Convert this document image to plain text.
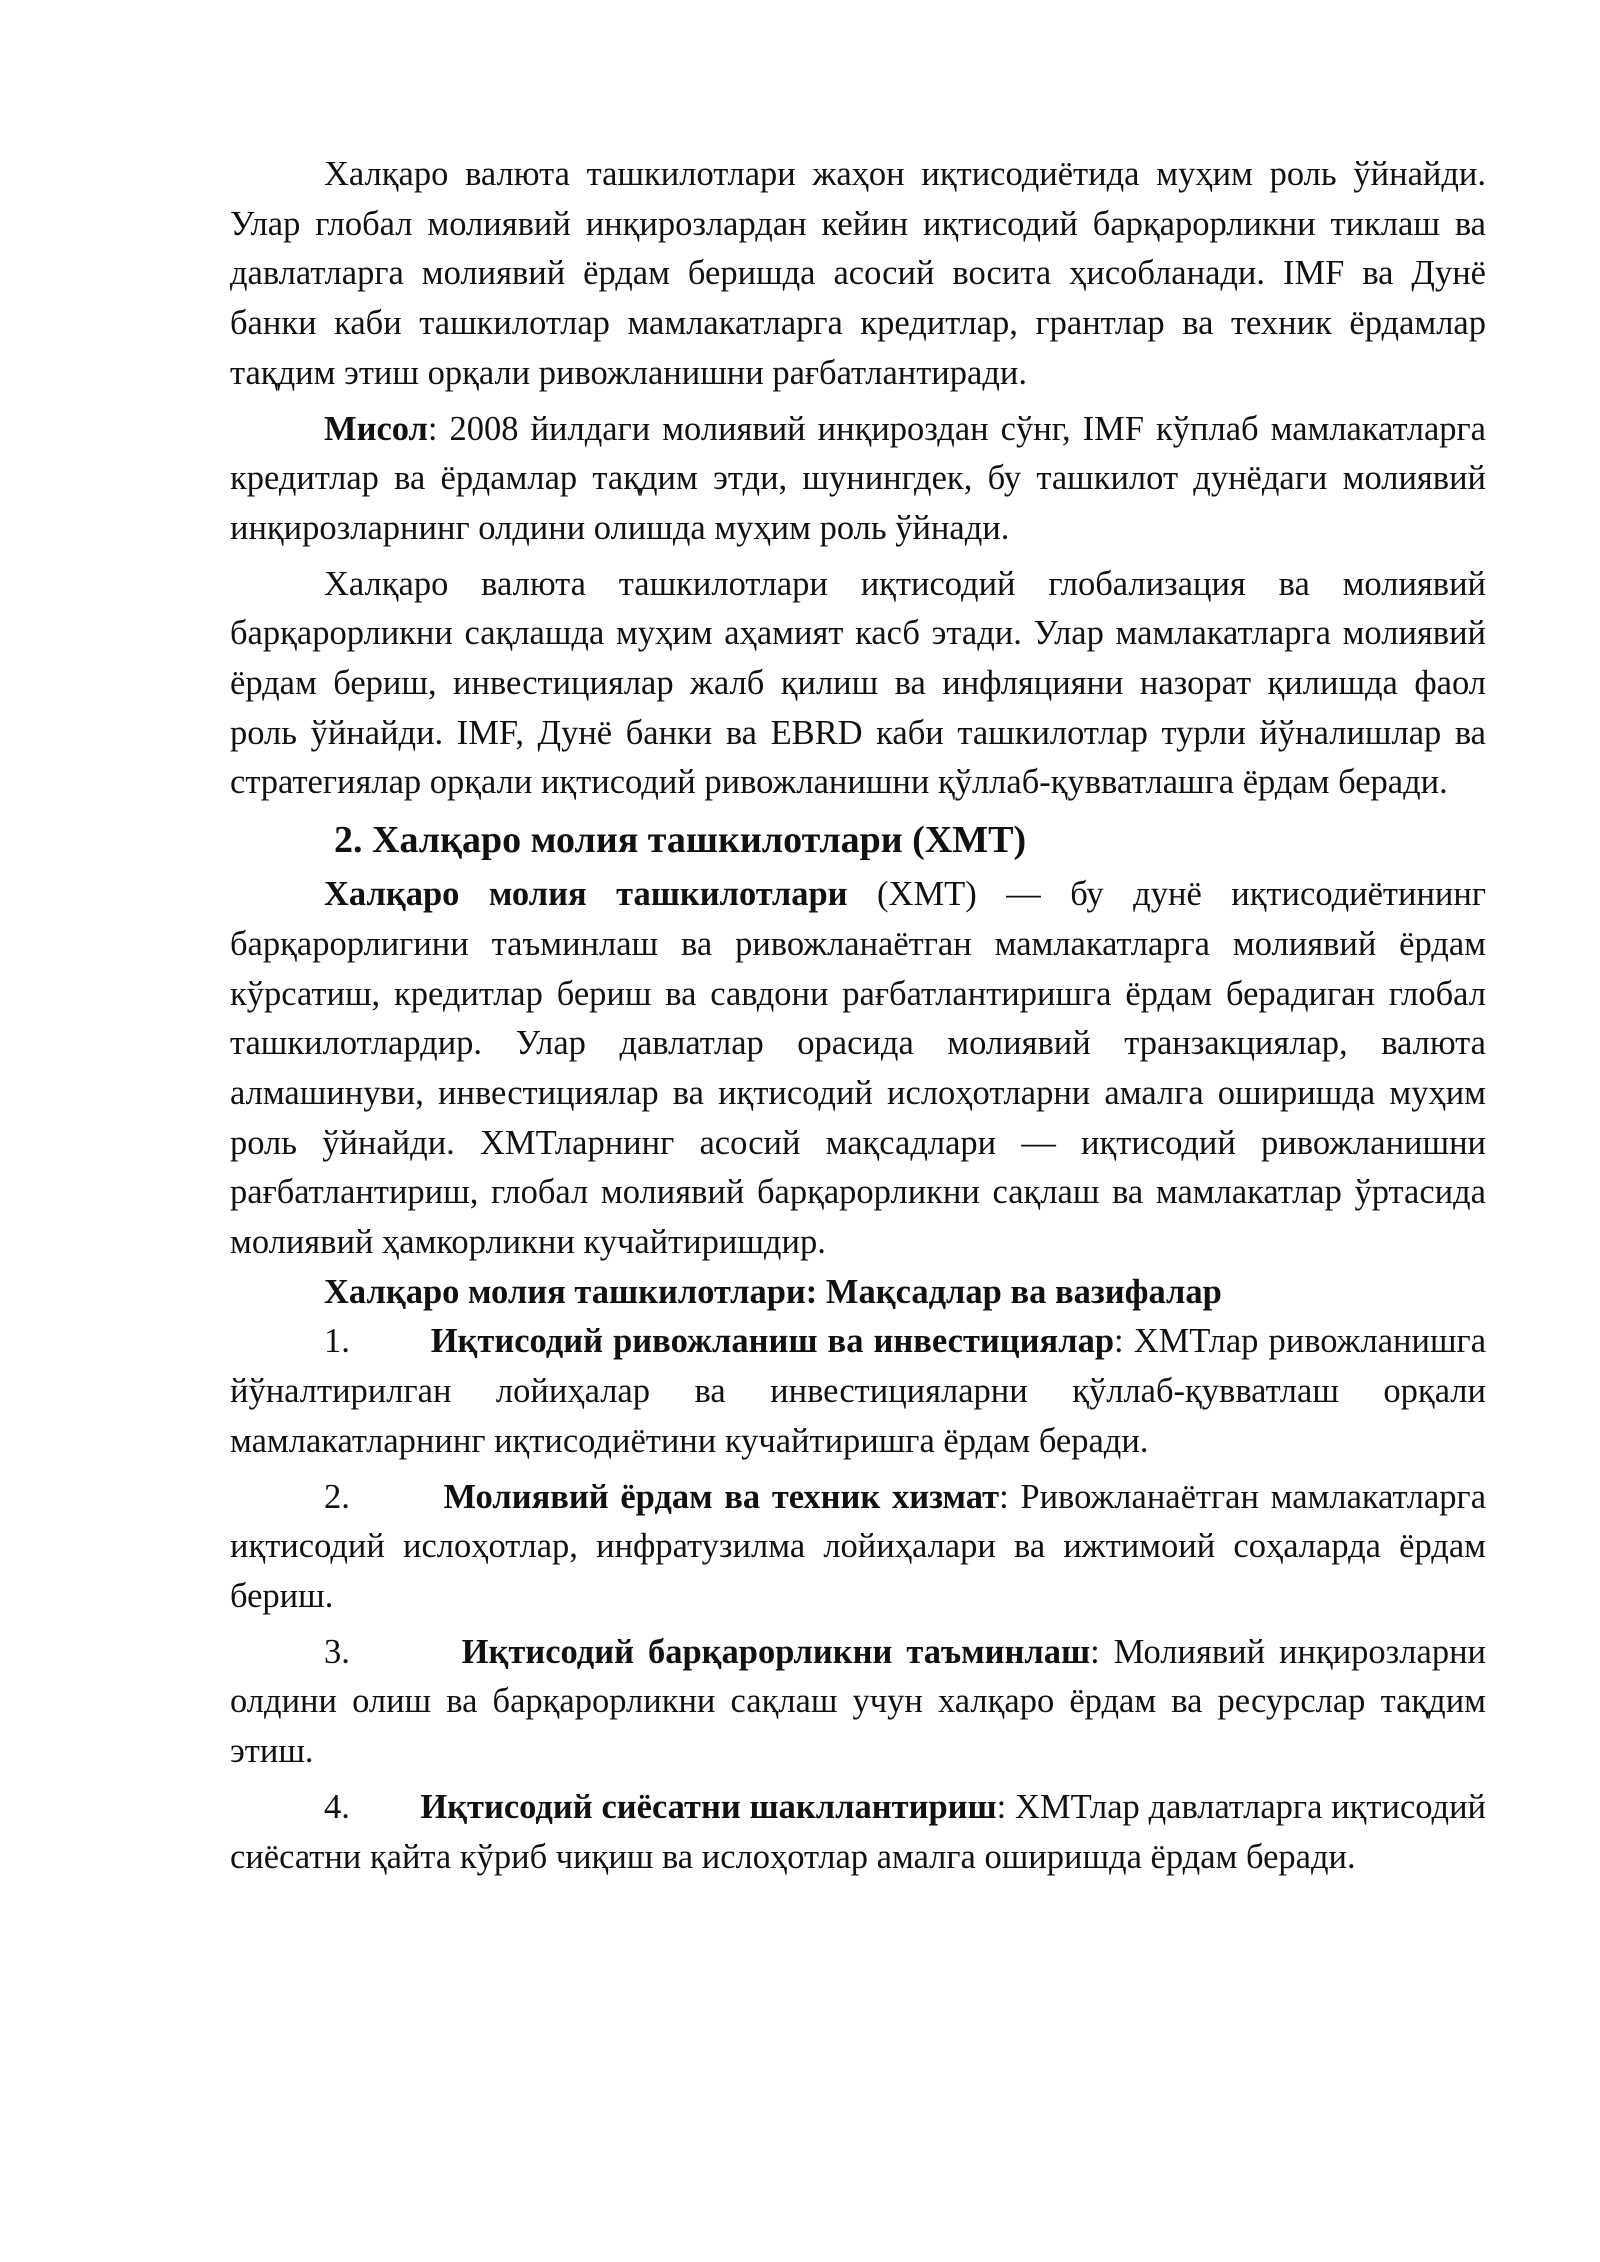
Халқаро валюта ташкилотлари жаҳон иқтисодиётида муҳим роль ўйнайди. Улар глобал молиявий инқирозлардан кейин иқтисодий барқарорликни тиклаш ва давлатларга молиявий ёрдам беришда асосий восита ҳисобланади. IMF ва Дунё банки каби ташкилотлар мамлакатларга кредитлар, грантлар ва техник ёрдамлар тақдим этиш орқали ривожланишни рағбатлантиради.

Мисол: 2008 йилдаги молиявий инқироздан сўнг, IMF кўплаб мамлакатларга кредитлар ва ёрдамлар тақдим этди, шунингдек, бу ташкилот дунёдаги молиявий инқирозларнинг олдини олишда муҳим роль ўйнади.

Халқаро валюта ташкилотлари иқтисодий глобализация ва молиявий барқарорликни сақлашда муҳим аҳамият касб этади. Улар мамлакатларга молиявий ёрдам бериш, инвестициялар жалб қилиш ва инфляцияни назорат қилишда фаол роль ўйнайди. IMF, Дунё банки ва EBRD каби ташкилотлар турли йўналишлар ва стратегиялар орқали иқтисодий ривожланишни қўллаб-қувватлашга ёрдам беради.

2. Халқаро молия ташкилотлари (ХМТ)

Халқаро молия ташкилотлари (ХМТ) — бу дунё иқтисодиётининг барқарорлигини таъминлаш ва ривожланаётган мамлакатларга молиявий ёрдам кўрсатиш, кредитлар бериш ва савдони рағбатлантиришга ёрдам берадиган глобал ташкилотлардир. Улар давлатлар орасида молиявий транзакциялар, валюта алмашинуви, инвестициялар ва иқтисодий ислоҳотларни амалга оширишда муҳим роль ўйнайди. ХМТларнинг асосий мақсадлари — иқтисодий ривожланишни рағбатлантириш, глобал молиявий барқарорликни сақлаш ва мамлакатлар ўртасида молиявий ҳамкорликни кучайтиришдир.

Халқаро молия ташкилотлари: Мақсадлар ва вазифалар

1. Иқтисодий ривожланиш ва инвестициялар: ХМТлар ривожланишга йўналтирилган лойиҳалар ва инвестицияларни қўллаб-қувватлаш орқали мамлакатларнинг иқтисодиётини кучайтиришга ёрдам беради.

2.	Молиявий ёрдам ва техник хизмат: Ривожланаётган мамлакатларга иқтисодий ислоҳотлар, инфратузилма лойиҳалари ва ижтимоий соҳаларда ёрдам бериш.

3.	Иқтисодий барқарорликни таъминлаш: Молиявий инқирозларни олдини олиш ва барқарорликни сақлаш учун халқаро ёрдам ва ресурслар тақдим этиш.

4. Иқтисодий сиёсатни шакллантириш: ХМТлар давлатларга иқтисодий сиёсатни қайта кўриб чиқиш ва ислоҳотлар амалга оширишда ёрдам беради.
